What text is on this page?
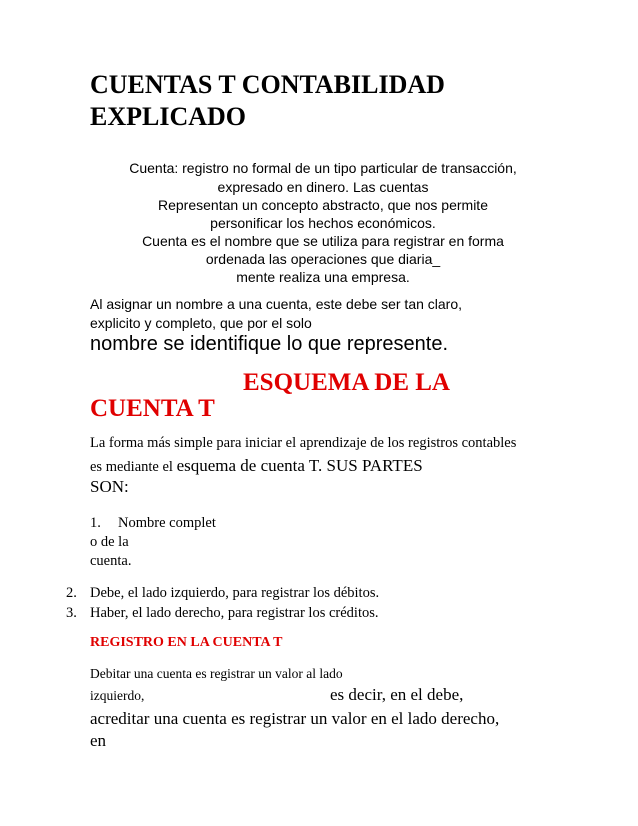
CUENTAS T CONTABILIDAD
EXPLICADO
Cuenta: registro no formal de un tipo particular de transacción,
expresado en dinero. Las cuentas
Representan un concepto abstracto, que nos permite
personificar los hechos económicos.
Cuenta es el nombre que se utiliza para registrar en forma
ordenada las operaciones que diaria_
mente realiza una empresa.
Al asignar un nombre a una cuenta, este debe ser tan claro,
explicito y completo, que por el solo
nombre se identifique lo que represente.
ESQUEMA DE LA
CUENTA T
La forma más simple para iniciar el aprendizaje de los registros contables
es mediante el esquema de cuenta T. SUS PARTES
SON:
1. Nombre complet
o de la
cuenta.
2. Debe, el lado izquierdo, para registrar los débitos.
3. Haber, el lado derecho, para registrar los créditos.
REGISTRO EN LA CUENTA T
Debitar una cuenta es registrar un valor al lado
izquierdo,	es decir, en el debe,
acreditar una cuenta es registrar un valor en el lado derecho,
en
